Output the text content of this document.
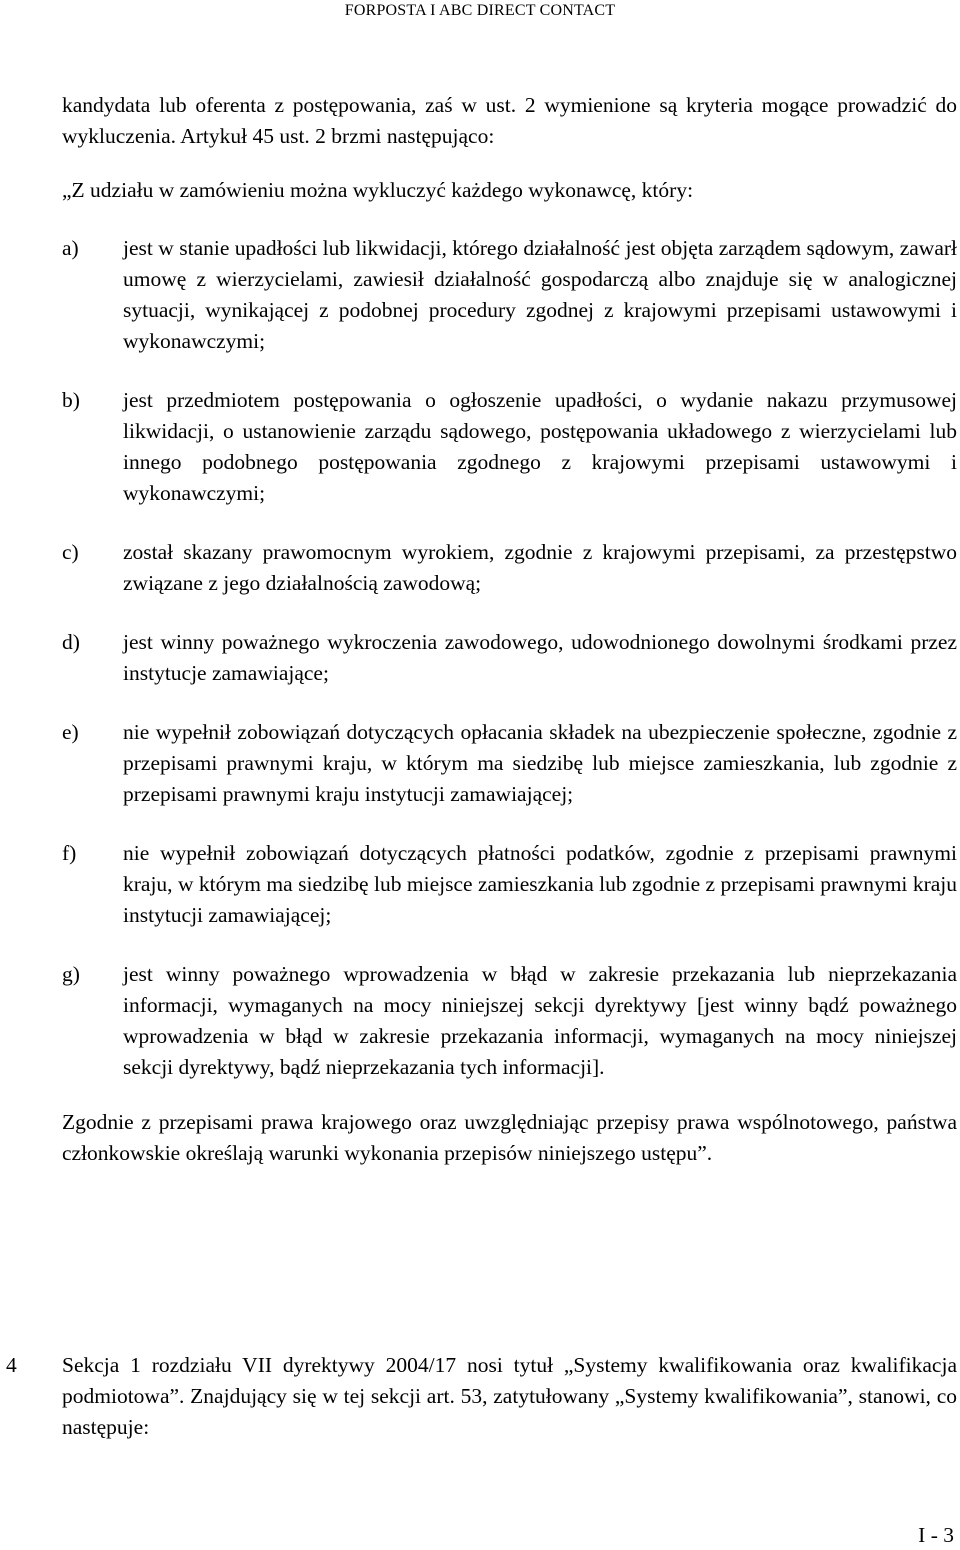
FORPOSTA I ABC DIRECT CONTACT

kandydata lub oferenta z postępowania, zaś w ust. 2 wymienione są kryteria mogące prowadzić do wykluczenia. Artykuł 45 ust. 2 brzmi następująco:

„Z udziału w zamówieniu można wykluczyć każdego wykonawcę, który:

a) jest w stanie upadłości lub likwidacji, którego działalność jest objęta zarządem sądowym, zawarł umowę z wierzycielami, zawiesił działalność gospodarczą albo znajduje się w analogicznej sytuacji, wynikającej z podobnej procedury zgodnej z krajowymi przepisami ustawowymi i wykonawczymi;
b) jest przedmiotem postępowania o ogłoszenie upadłości, o wydanie nakazu przymusowej likwidacji, o ustanowienie zarządu sądowego, postępowania układowego z wierzycielami lub innego podobnego postępowania zgodnego z krajowymi przepisami ustawowymi i wykonawczymi;
c) został skazany prawomocnym wyrokiem, zgodnie z krajowymi przepisami, za przestępstwo związane z jego działalnością zawodową;
d) jest winny poważnego wykroczenia zawodowego, udowodnionego dowolnymi środkami przez instytucje zamawiające;
e) nie wypełnił zobowiązań dotyczących opłacania składek na ubezpieczenie społeczne, zgodnie z przepisami prawnymi kraju, w którym ma siedzibę lub miejsce zamieszkania, lub zgodnie z przepisami prawnymi kraju instytucji zamawiającej;
f) nie wypełnił zobowiązań dotyczących płatności podatków, zgodnie z przepisami prawnymi kraju, w którym ma siedzibę lub miejsce zamieszkania lub zgodnie z przepisami prawnymi kraju instytucji zamawiającej;
g) jest winny poważnego wprowadzenia w błąd w zakresie przekazania lub nieprzekazania informacji, wymaganych na mocy niniejszej sekcji dyrektywy [jest winny bądź poważnego wprowadzenia w błąd w zakresie przekazania informacji, wymaganych na mocy niniejszej sekcji dyrektywy, bądź nieprzekazania tych informacji].

Zgodnie z przepisami prawa krajowego oraz uwzględniając przepisy prawa wspólnotowego, państwa członkowskie określają warunki wykonania przepisów niniejszego ustępu”.

4 Sekcja 1 rozdziału VII dyrektywy 2004/17 nosi tytuł „Systemy kwalifikowania oraz kwalifikacja podmiotowa”. Znajdujący się w tej sekcji art. 53, zatytułowany „Systemy kwalifikowania”, stanowi, co następuje:

I - 3
